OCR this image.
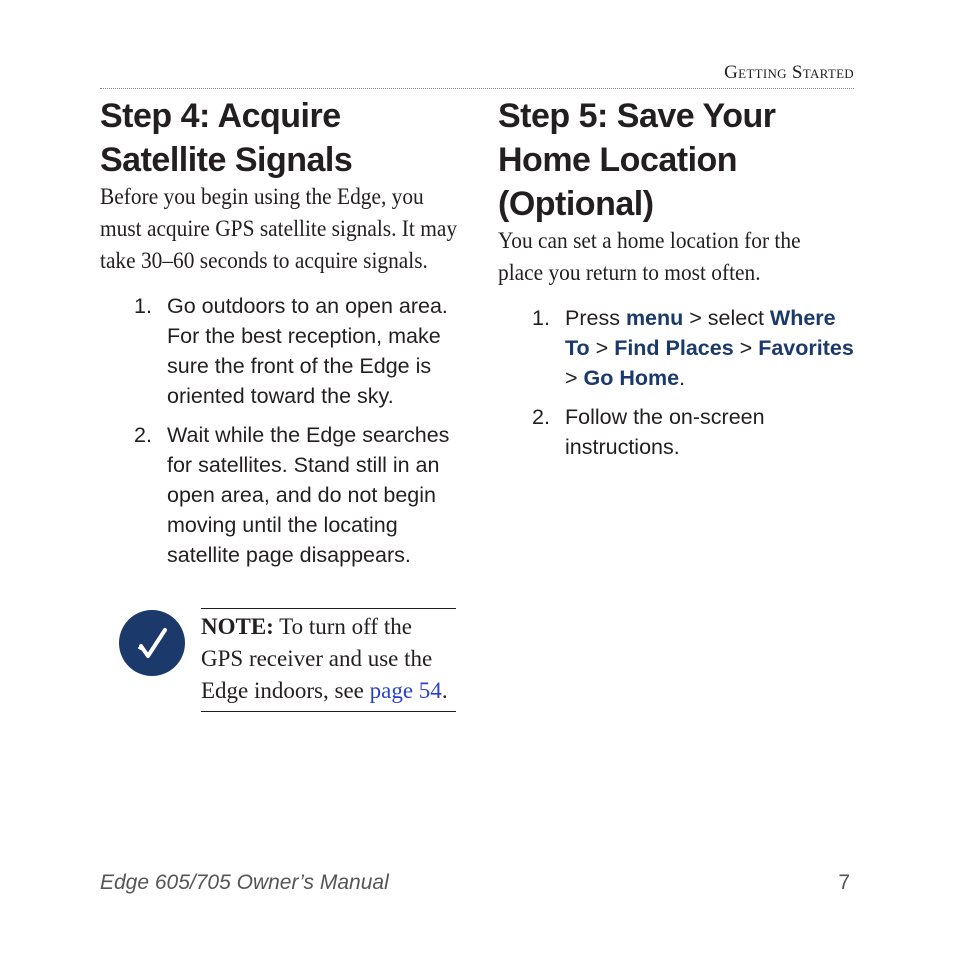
Getting Started
Step 4: Acquire
Satellite Signals

Before you begin using the Edge, you must acquire GPS satellite signals. It may take 30–60 seconds to acquire signals.

1. Go outdoors to an open area. For the best reception, make sure the front of the Edge is oriented toward the sky.
2. Wait while the Edge searches for satellites. Stand still in an open area, and do not begin moving until the locating satellite page disappears.
NOTE: To turn off the GPS receiver and use the Edge indoors, see page 54.
Step 5: Save Your
Home Location
(Optional)

You can set a home location for the place you return to most often.

1. Press menu > select Where To > Find Places > Favorites > Go Home.
2. Follow the on-screen instructions.
Edge 605/705 Owner’s Manual	7
